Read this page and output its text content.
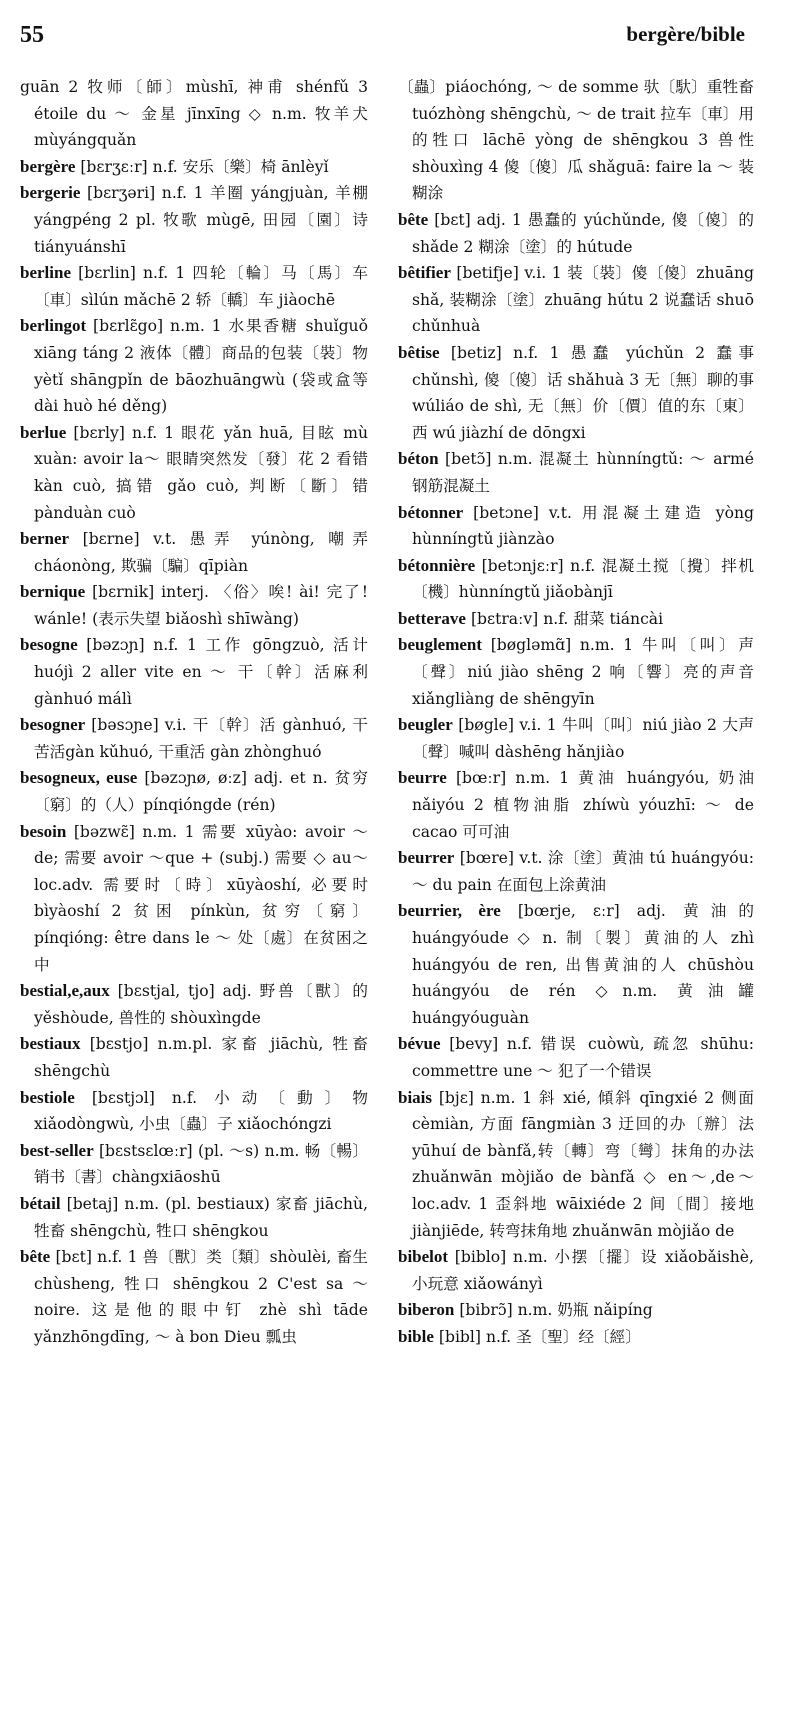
55	bergère/bible
guān 2 牧师〔師〕mùshī, 神甫 shénfǔ 3 étoile du ～ 金星 jīnxīng ◇ n.m. 牧羊犬 mùyángquǎn
bergère [bɛrʒɛːr] n.f. 安乐〔樂〕椅 ānlèyǐ
bergerie [bɛrʒəri] n.f. 1 羊圈 yángjuàn, 羊棚 yángpéng 2 pl. 牧歌 mùgē, 田园〔園〕诗 tiányuánshī
berline [bɛrlin] n.f. 1 四轮〔輪〕马〔馬〕车〔車〕sìlún mǎchē 2 轿〔轎〕车 jiàochē
berlingot [bɛrlɛ̃go] n.m. 1 水果香糖 shuǐguǒ xiāng táng 2 液体〔體〕商品的包装〔裝〕物 yètǐ shāngpǐn de bāozhuāngwù (袋或盒等 dài huò hé děng)
berlue [bɛrly] n.f. 1 眼花 yǎn huā, 目眩 mù xuàn: avoir la～ 眼睛突然发〔發〕花 2 看错 kàn cuò, 搞错 gǎo cuò, 判断〔斷〕错 pànduàn cuò
berner [bɛrne] v.t. 愚弄 yúnòng, 嘲弄 cháonòng, 欺骗〔騙〕qīpiàn
bernique [bɛrnik] interj. 〈俗〉唉! ài! 完了! wánle! (表示失望 biǎoshì shīwàng)
besogne [bəzɔɲ] n.f. 1 工作 gōngzuò, 活计 huójì 2 aller vite en ～ 干〔幹〕活麻利 gànhuó málì
besogner [bəsɔɲe] v.i. 干〔幹〕活 gànhuó, 干苦活gàn kǔhuó, 干重活 gàn zhònghuó
besogneux, euse [bəzɔɲø, øːz] adj. et n. 贫穷〔窮〕的（人）pínqióngde (rén)
besoin [bəzwɛ̃] n.m. 1 需要 xūyào: avoir ～ de; 需要 avoir ～que + (subj.) 需要 ◇ au～ loc.adv. 需要时〔時〕xūyàoshí, 必要时 bìyàoshí 2 贫困 pínkùn, 贫穷〔窮〕pínqióng: être dans le ～ 处〔處〕在贫困之中
bestial,e,aux [bɛstjal, tjo] adj. 野兽〔獸〕的 yěshòude, 兽性的 shòuxìngde
bestiaux [bɛstjo] n.m.pl. 家畜 jiāchù, 牲畜 shēngchù
bestiole [bɛstjɔl] n.f. 小动〔動〕物 xiǎodòngwù, 小虫〔蟲〕子 xiǎochóngzi
best-seller [bɛstsɛlœːr] (pl. ～s) n.m. 畅〔暢〕销书〔書〕chàngxiāoshū
bétail [betaj] n.m. (pl. bestiaux) 家畜 jiāchù, 牲畜 shēngchù, 牲口 shēngkou
bête [bɛt] n.f. 1 兽〔獸〕类〔類〕shòulèi, 畜生 chùsheng, 牲口 shēngkou 2 C'est sa ～ noire. 这是他的眼中钉 zhè shì tāde yǎnzhōngdīng, ～ à bon Dieu 瓢虫
〔蟲〕piáochóng, ～ de somme 驮〔馱〕重牲畜 tuózhòng shēngchù, ～ de trait 拉车〔車〕用的牲口 lāchē yòng de shēngkou 3 兽性 shòuxìng 4 傻〔傻〕瓜 shǎguā: faire la ～ 装糊涂
bête [bɛt] adj. 1 愚蠢的 yúchǔnde, 傻〔傻〕的 shǎde 2 糊涂〔塗〕的 hútude
bêtifier [betifje] v.i. 1 装〔裝〕傻〔傻〕zhuāng shǎ, 装糊涂〔塗〕zhuāng hútu 2 说蠢话 shuō chǔnhuà
bêtise [betiz] n.f. 1 愚蠢 yúchǔn 2 蠢事 chǔnshì, 傻〔傻〕话 shǎhuà 3 无〔無〕聊的事 wúliáo de shì, 无〔無〕价〔價〕值的东〔東〕西 wú jiàzhí de dōngxi
béton [betɔ̃] n.m. 混凝土 hùnníngtǔ: ～ armé 钢筋混凝土
bétonner [betɔne] v.t. 用混凝土建造 yòng hùnníngtǔ jiànzào
bétonnière [betɔnjɛːr] n.f. 混凝土搅〔攪〕拌机〔機〕hùnníngtǔ jiǎobànjī
betterave [bɛtraːv] n.f. 甜菜 tiáncài
beuglement [bøgləmɑ̃] n.m. 1 牛叫〔叫〕声〔聲〕niú jiào shēng 2 响〔響〕亮的声音 xiǎngliàng de shēngyīn
beugler [bøgle] v.i. 1 牛叫〔叫〕niú jiào 2 大声〔聲〕喊叫 dàshēng hǎnjiào
beurre [bœːr] n.m. 1 黄油 huángyóu, 奶油 nǎiyóu 2 植物油脂 zhíwù yóuzhī: ～ de cacao 可可油
beurrer [bœre] v.t. 涂〔塗〕黄油 tú huángyóu:～ du pain 在面包上涂黄油
beurrier, ère [bœrje, ɛːr] adj. 黄油的 huángyóude ◇ n. 制〔製〕黄油的人 zhì huángyóu de ren, 出售黄油的人 chūshòu huángyóu de rén ◇n.m. 黄油罐 huángyóuguàn
bévue [bevy] n.f. 错误 cuòwù, 疏忽 shūhu: commettre une ～ 犯了一个错误
biais [bjɛ] n.m. 1 斜 xié, 傾斜 qīngxié 2 侧面 cèmiàn, 方面 fāngmiàn 3 迂回的办〔辦〕法 yūhuí de bànfǎ,转〔轉〕弯〔彎〕抹角的办法 zhuǎnwān mòjiǎo de bànfǎ ◇ en～,de～ loc.adv. 1 歪斜地 wāixiéde 2 间〔間〕接地 jiànjiēde, 转弯抹角地 zhuǎnwān mòjiǎo de
bibelot [biblo] n.m. 小摆〔擺〕设 xiǎobǎishè, 小玩意 xiǎowányì
biberon [bibrɔ̃] n.m. 奶瓶 nǎipíng
bible [bibl] n.f. 圣〔聖〕经〔經〕
